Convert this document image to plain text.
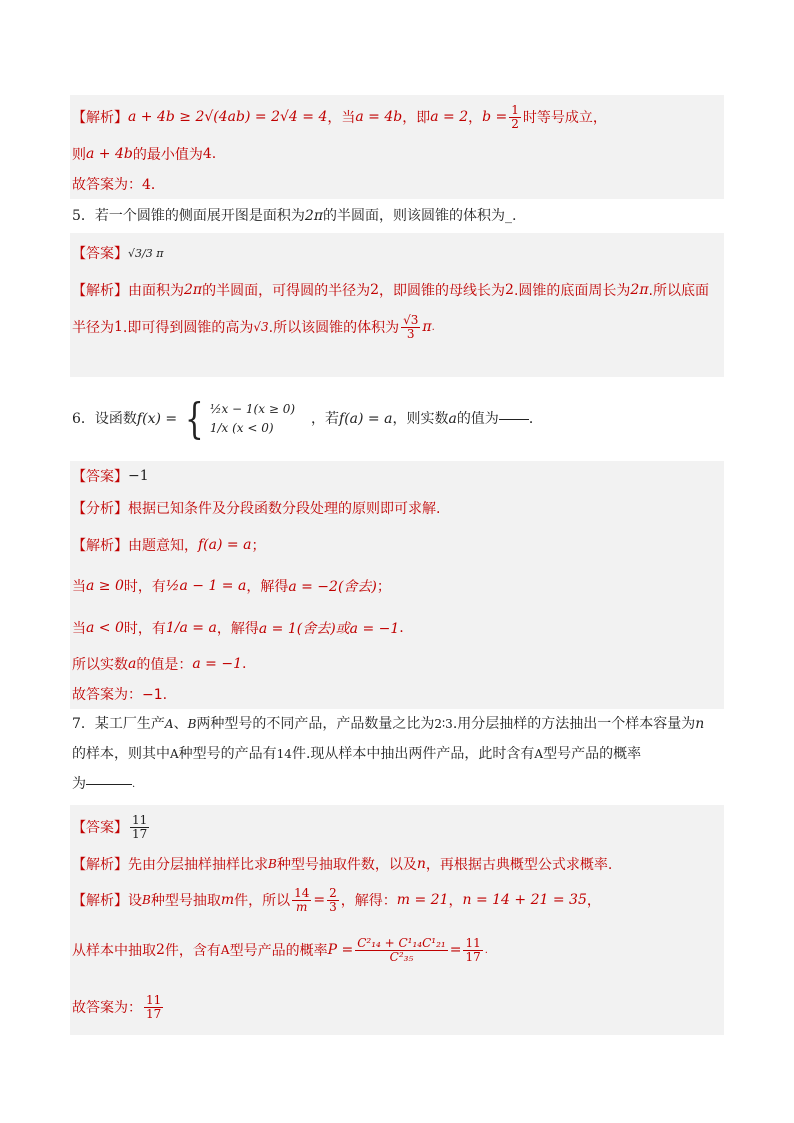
【解析】 a + 4b ≥ 2√(4ab) = 2√4 = 4 ，当 a = 4b ，即 a = 2 ， $b = \frac{1}{2}$ 时等号成立，
则 a + 4b 的最小值为 4 .
故答案为：4．
5．若一个圆锥的侧面展开图是面积为 2π 的半圆面，则该圆锥的体积为 _.
【答案】 √3/3 π
【解析】 由面积为 2π 的半圆面，可得圆的半径为 2 ，即圆锥的母线长为 2 .圆锥的底面周长为 2π .所以底面
半径为 1 .即可得到圆锥的高为 √3 .所以该圆锥的体积为 $\frac{√3}{3}$ π .
6．设函数 f(x) = { ½x − 1(x ≥ 0)
1/x (x < 0)
，若 f(a) = a ，则实数 a 的值为 ．
【答案】 −1
【分析】 根据已知条件及分段函数分段处理的原则即可求解.
【解析】 由题意知， f(a) = a ；
当 a ≥ 0 时，有 ½a − 1 = a ，解得 a = −2(舍去) ；
当 a < 0 时，有 1/a = a ，解得 a = 1(舍去)或a = −1 .
所以实数 a 的值是： a = −1 .
故答案为：−1.
7．某工厂生产 A 、 B 两种型号的不同产品，产品数量之比为 2∶3 .用分层抽样的方法抽出一个样本容量为 n
的样本，则其中 A 种型号的产品有 14 件.现从样本中抽出两件产品，此时含有 A 型号产品的概率
为	.
【答案】 $\frac{11}{17}$
【解析】 先由分层抽样抽样比求 B 种型号抽取件数，以及 n ，再根据古典概型公式求概率.
【解析】 设 B 种型号抽取 m 件，所以 $\frac{14}{m} = \frac{2}{3}$ ，解得： m = 21 ， n = 14 + 21 = 35 ，
从样本中抽取 2 件，含有 A 型号产品的概率 $P = \frac{\text{C²₁₄ + C¹₁₄C¹₂₁}}{\text{C²₃₅}} = \frac{11}{17}$ .
故答案为： $\frac{11}{17}$
